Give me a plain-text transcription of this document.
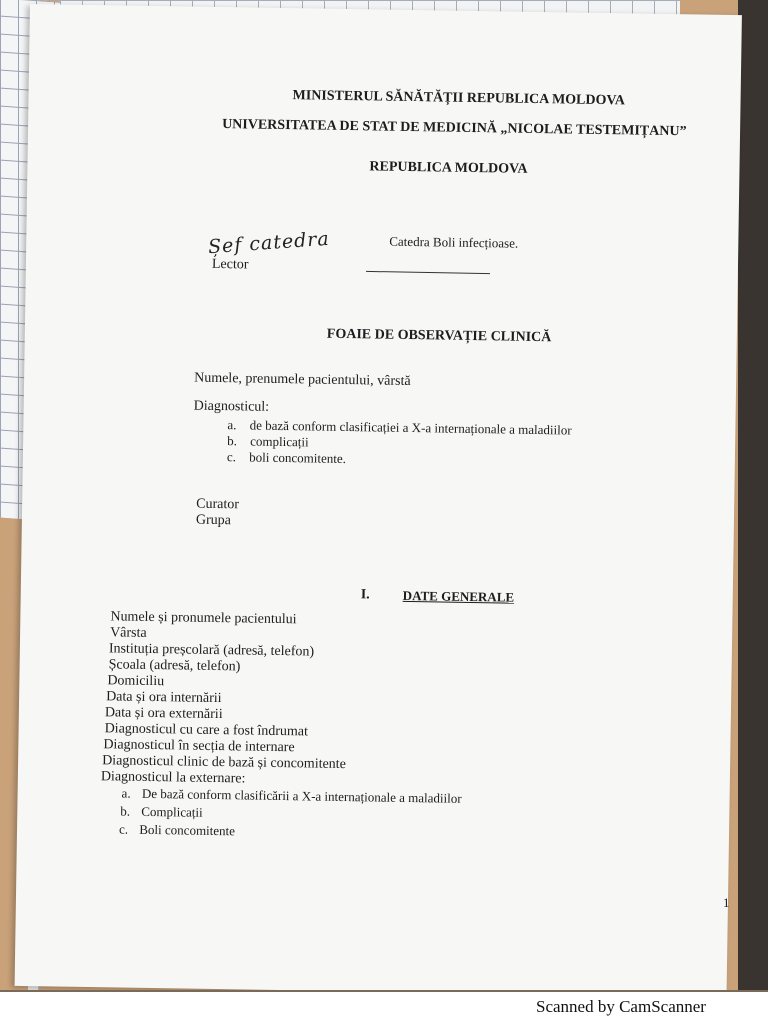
MINISTERUL SĂNĂTĂȚII REPUBLICA MOLDOVA
UNIVERSITATEA DE STAT DE MEDICINĂ „NICOLAE TESTEMIȚANU”
REPUBLICA MOLDOVA
Catedra Boli infecțioase.
Lector
FOAIE DE OBSERVAȚIE CLINICĂ
Numele, prenumele pacientului, vârstă
Diagnosticul:
a. de bază conform clasificației a X-a internaționale a maladiilor
b. complicații
c. boli concomitente.
Curator
Grupa
I.	DATE GENERALE
Numele și pronumele pacientului
Vârsta
Instituția preșcolară (adresă, telefon)
Școala (adresă, telefon)
Domiciliu
Data și ora internării
Data și ora externării
Diagnosticul cu care a fost îndrumat
Diagnosticul în secția de internare
Diagnosticul clinic de bază și concomitente
Diagnosticul la externare:
a. De bază conform clasificării a X-a internaționale a maladiilor
b. Complicații
c. Boli concomitente
Șef catedra
1
Scanned by CamScanner
